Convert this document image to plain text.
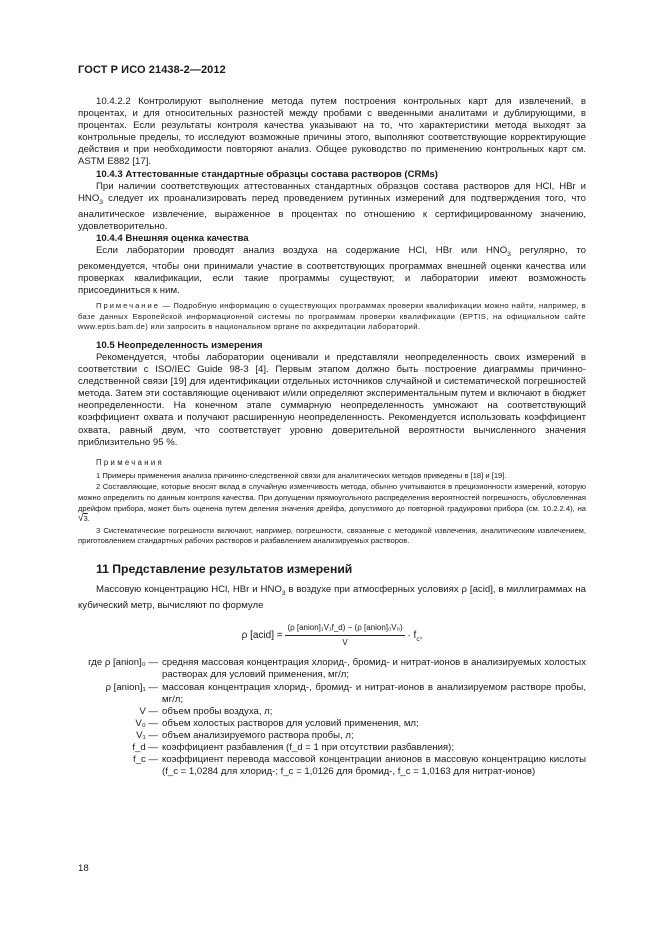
ГОСТ Р ИСО 21438-2—2012

10.4.2.2 Контролируют выполнение метода путем построения контрольных карт для извлечений, в процентах, и для относительных разностей между пробами с введенными аналитами и дублирующими, в процентах. Если результаты контроля качества указывают на то, что характеристики метода выходят за контрольные пределы, то исследуют возможные причины этого, выполняют соответствующие корректирующие действия и при необходимости повторяют анализ. Общее руководство по применению контрольных карт см. ASTM E882 [17].

10.4.3 Аттестованные стандартные образцы состава растворов (CRMs)

При наличии соответствующих аттестованных стандартных образцов состава растворов для HCl, HBr и $HNO_3$ следует их проанализировать перед проведением рутинных измерений для подтверждения того, что аналитическое извлечение, выраженное в процентах по отношению к сертифицированному значению, удовлетворительно.

10.4.4 Внешняя оценка качества

Если лаборатории проводят анализ воздуха на содержание HCl, HBr или $HNO_3$ регулярно, то рекомендуется, чтобы они принимали участие в соответствующих программах внешней оценки качества или проверках квалификации, если такие программы существуют, и лаборатории имеют возможность присоединиться к ним.

Примечание — Подробную информацию о существующих программах проверки квалификации можно найти, например, в базе данных Европейской информационной системы по программам проверки квалификации (EPTIS, на официальном сайте www.eptis.bam.de) или запросить в национальном органе по аккредитации лабораторий.

10.5 Неопределенность измерения

Рекомендуется, чтобы лаборатории оценивали и представляли неопределенность своих измерений в соответствии с ISO/IEC Guide 98-3 [4]. Первым этапом должно быть построение диаграммы причинно-следственной связи [19] для идентификации отдельных источников случайной и систематической погрешностей метода. Затем эти составляющие оценивают и/или определяют экспериментальным путем и включают в бюджет неопределенности. На конечном этапе суммарную неопределенность умножают на соответствующий коэффициент охвата и получают расширенную неопределенность. Рекомендуется использовать коэффициент охвата, равный двум, что соответствует уровню доверительной вероятности вычисленного значения приблизительно 95 %.

Примечания

1 Примеры применения анализа причинно-следственной связи для аналитических методов приведены в [18] и [19].

2 Составляющие, которые вносят вклад в случайную изменчивость метода, обычно учитываются в прецизионности измерений, которую можно определить по данным контроля качества. При допущении прямоугольного распределения вероятностей погрешность, обусловленная дрейфом прибора, может быть оценена путем деления значения дрейфа, допустимого до повторной градуировки прибора (см. 10.2.2.4), на √3.

3 Систематические погрешности включают, например, погрешности, связанные с методикой извлечения, аналитическим извлечением, приготовлением стандартных рабочих растворов и разбавлением анализируемых растворов.

11 Представление результатов измерений

Массовую концентрацию HCl, HBr и $HNO_3$ в воздухе при атмосферных условиях ρ [acid], в миллиграммах на кубический метр, вычисляют по формуле

ρ [acid] = $\frac{\text{(ρ [anion]₁V₁f\_d) − (ρ [anion]₀V₀)}}{V} \cdot f_c$,
где ρ [anion]₀ — средняя массовая концентрация хлорид-, бромид- и нитрат-ионов в анализируемых холостых растворах для условий применения, мг/л;
ρ [anion]₁ — массовая концентрация хлорид-, бромид- и нитрат-ионов в анализируемом растворе пробы, мг/л;
V — объем пробы воздуха, л;
V₀ — объем холостых растворов для условий применения, мл;
V₁ — объем анализируемого раствора пробы, л;
f_d — коэффициент разбавления (f_d = 1 при отсутствии разбавления);
f_c — коэффициент перевода массовой концентрации анионов в массовую концентрацию кислоты (f_c = 1,0284 для хлорид-; f_c = 1,0126 для бромид-, f_c = 1,0163 для нитрат-ионов)
18
